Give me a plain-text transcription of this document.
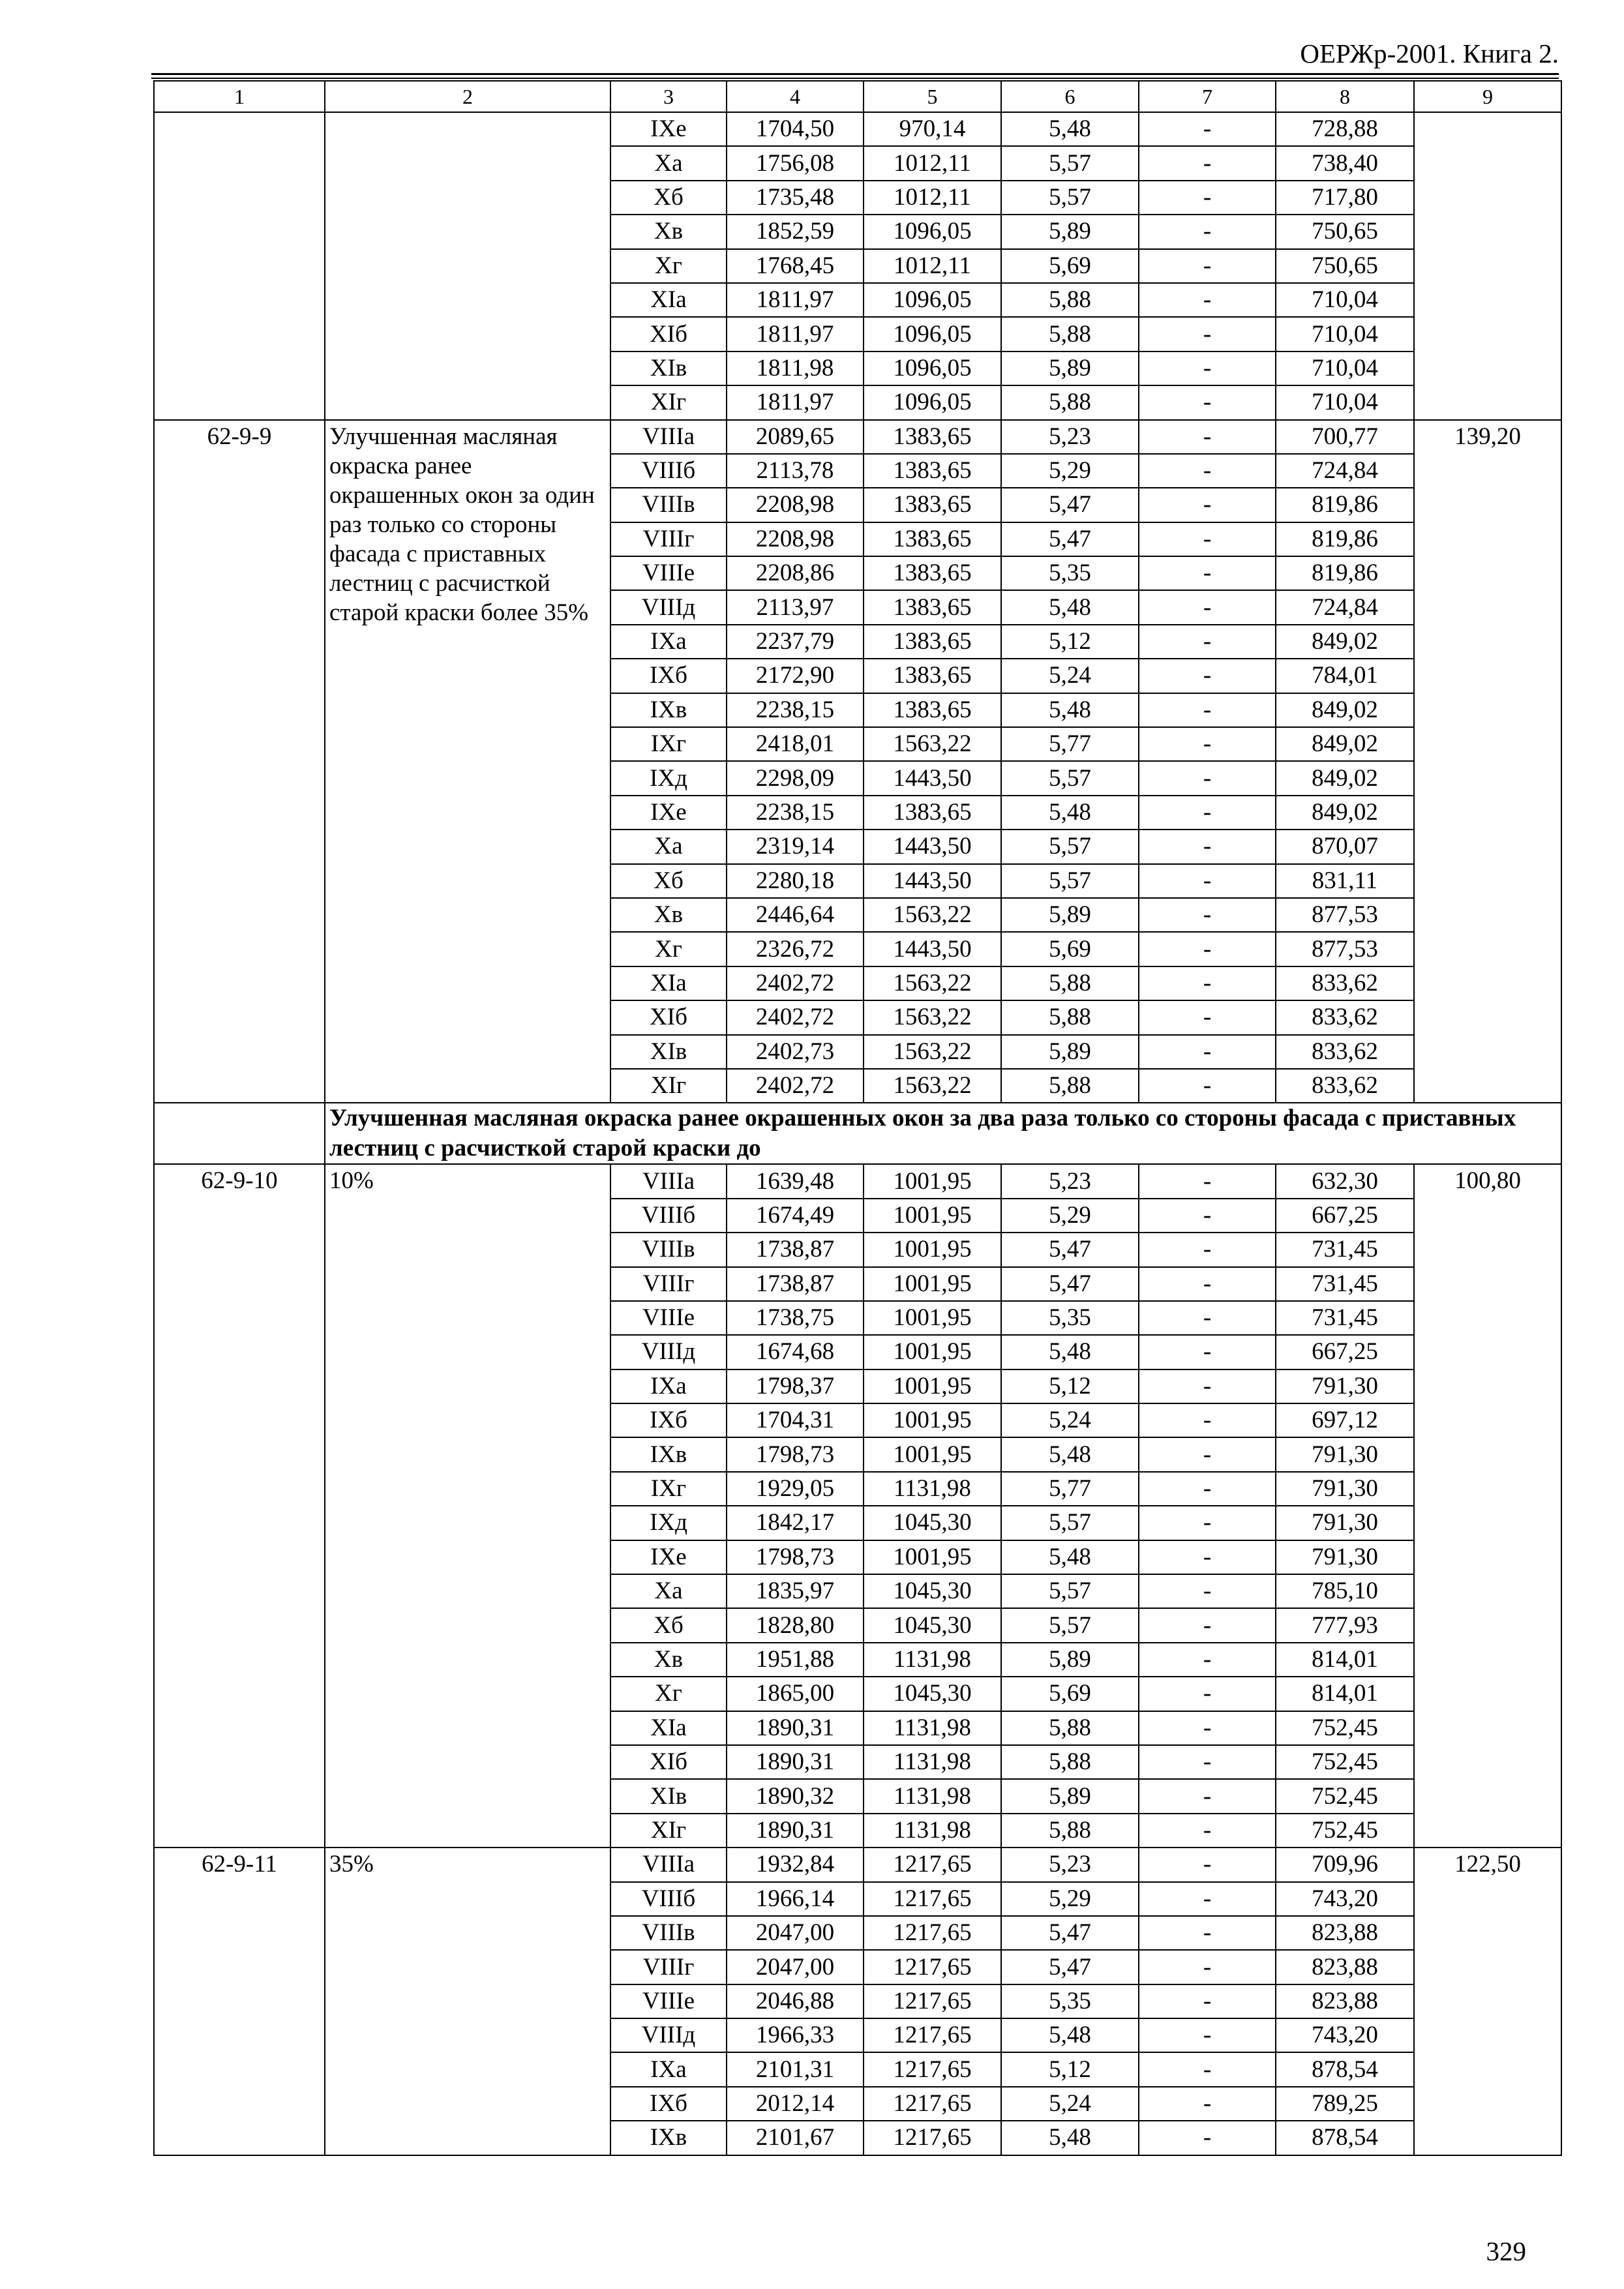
ОЕРЖр-2001. Книга 2.
1	2	3	4	5	6	7	8	9
		IXе	1704,50	970,14	5,48	-	728,88	
		Xа	1756,08	1012,11	5,57	-	738,40	
		Xб	1735,48	1012,11	5,57	-	717,80	
		Xв	1852,59	1096,05	5,89	-	750,65	
		Xг	1768,45	1012,11	5,69	-	750,65	
		XIа	1811,97	1096,05	5,88	-	710,04	
		XIб	1811,97	1096,05	5,88	-	710,04	
		XIв	1811,98	1096,05	5,89	-	710,04	
		XIг	1811,97	1096,05	5,88	-	710,04	
62-9-9	Улучшенная масляная окраска ранее окрашенных окон за один раз только со стороны фасада с приставных лестниц с расчисткой старой краски более 35%	VIIIа	2089,65	1383,65	5,23	-	700,77	139,20
		VIIIб	2113,78	1383,65	5,29	-	724,84	
		VIIIв	2208,98	1383,65	5,47	-	819,86	
		VIIIг	2208,98	1383,65	5,47	-	819,86	
		VIIIе	2208,86	1383,65	5,35	-	819,86	
		VIIIд	2113,97	1383,65	5,48	-	724,84	
		IXа	2237,79	1383,65	5,12	-	849,02	
		IXб	2172,90	1383,65	5,24	-	784,01	
		IXв	2238,15	1383,65	5,48	-	849,02	
		IXг	2418,01	1563,22	5,77	-	849,02	
		IXд	2298,09	1443,50	5,57	-	849,02	
		IXе	2238,15	1383,65	5,48	-	849,02	
		Xа	2319,14	1443,50	5,57	-	870,07	
		Xб	2280,18	1443,50	5,57	-	831,11	
		Xв	2446,64	1563,22	5,89	-	877,53	
		Xг	2326,72	1443,50	5,69	-	877,53	
		XIа	2402,72	1563,22	5,88	-	833,62	
		XIб	2402,72	1563,22	5,88	-	833,62	
		XIв	2402,73	1563,22	5,89	-	833,62	
		XIг	2402,72	1563,22	5,88	-	833,62	
	Улучшенная масляная окраска ранее окрашенных окон за два раза только со стороны фасада с приставных лестниц с расчисткой старой краски до							
62-9-10	10%	VIIIа	1639,48	1001,95	5,23	-	632,30	100,80
		VIIIб	1674,49	1001,95	5,29	-	667,25	
		VIIIв	1738,87	1001,95	5,47	-	731,45	
		VIIIг	1738,87	1001,95	5,47	-	731,45	
		VIIIе	1738,75	1001,95	5,35	-	731,45	
		VIIIд	1674,68	1001,95	5,48	-	667,25	
		IXа	1798,37	1001,95	5,12	-	791,30	
		IXб	1704,31	1001,95	5,24	-	697,12	
		IXв	1798,73	1001,95	5,48	-	791,30	
		IXг	1929,05	1131,98	5,77	-	791,30	
		IXд	1842,17	1045,30	5,57	-	791,30	
		IXе	1798,73	1001,95	5,48	-	791,30	
		Xа	1835,97	1045,30	5,57	-	785,10	
		Xб	1828,80	1045,30	5,57	-	777,93	
		Xв	1951,88	1131,98	5,89	-	814,01	
		Xг	1865,00	1045,30	5,69	-	814,01	
		XIа	1890,31	1131,98	5,88	-	752,45	
		XIб	1890,31	1131,98	5,88	-	752,45	
		XIв	1890,32	1131,98	5,89	-	752,45	
		XIг	1890,31	1131,98	5,88	-	752,45	
62-9-11	35%	VIIIа	1932,84	1217,65	5,23	-	709,96	122,50
		VIIIб	1966,14	1217,65	5,29	-	743,20	
		VIIIв	2047,00	1217,65	5,47	-	823,88	
		VIIIг	2047,00	1217,65	5,47	-	823,88	
		VIIIе	2046,88	1217,65	5,35	-	823,88	
		VIIIд	1966,33	1217,65	5,48	-	743,20	
		IXа	2101,31	1217,65	5,12	-	878,54	
		IXб	2012,14	1217,65	5,24	-	789,25	
		IXв	2101,67	1217,65	5,48	-	878,54	
329
